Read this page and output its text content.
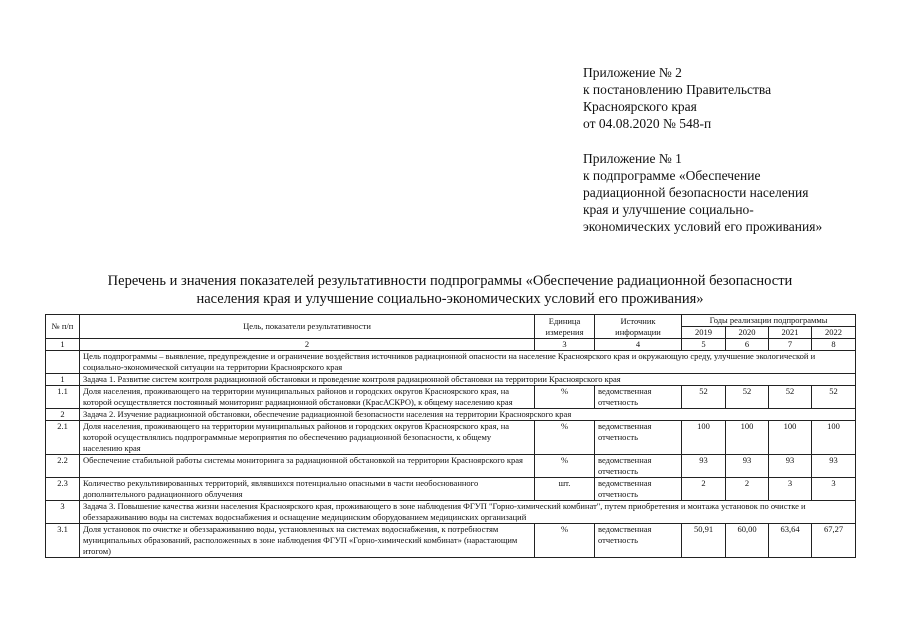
Приложение № 2
к постановлению Правительства
Красноярского края
от 04.08.2020 № 548-п
Приложение № 1
к подпрограмме «Обеспечение
радиационной безопасности населения
края и улучшение социально-
экономических условий его проживания»
Перечень и значения показателей результативности подпрограммы «Обеспечение радиационной безопасности
населения края и улучшение социально-экономических условий его проживания»
№ п/п	Цель, показатели результативности	Единица измерения	Источник информации	Годы реализации подпрограммы			
				2019	2020	2021	2022
1	2	3	4	5	6	7	8
	Цель подпрограммы – выявление, предупреждение и ограничение воздействия источников радиационной опасности на население Красноярского края и окружающую среду, улучшение экологической и социально-экономической ситуации на территории Красноярского края						
1	Задача 1. Развитие систем контроля радиационной обстановки и проведение контроля радиационной обстановки на территории Красноярского края						
1.1	Доля населения, проживающего на территории муниципальных районов и городских округов Красноярского края, на которой осуществляется постоянный мониторинг радиационной обстановки (КрасАСКРО), к общему населению края	%	ведомственная отчетность	52	52	52	52
2	Задача 2. Изучение радиационной обстановки, обеспечение радиационной безопасности населения на территории Красноярского края						
2.1	Доля населения, проживающего на территории муниципальных районов и городских округов Красноярского края, на которой осуществлялись подпрограммные мероприятия по обеспечению радиационной безопасности, к общему населению края	%	ведомственная отчетность	100	100	100	100
2.2	Обеспечение стабильной работы системы мониторинга за радиационной обстановкой на территории Красноярского края	%	ведомственная отчетность	93	93	93	93
2.3	Количество рекультивированных территорий, являвшихся потенциально опасными в части необоснованного дополнительного радиационного облучения	шт.	ведомственная отчетность	2	2	3	3
3	Задача 3. Повышение качества жизни населения Красноярского края, проживающего в зоне наблюдения ФГУП "Горно-химический комбинат", путем приобретения и монтажа установок по очистке и обеззараживанию воды на системах водоснабжения и оснащение медицинским оборудованием медицинских организаций						
3.1	Доля установок по очистке и обеззараживанию воды, установленных на системах водоснабжения, к потребностям муниципальных образований, расположенных в зоне наблюдения ФГУП «Горно-химический комбинат» (нарастающим итогом)	%	ведомственная отчетность	50,91	60,00	63,64	67,27
